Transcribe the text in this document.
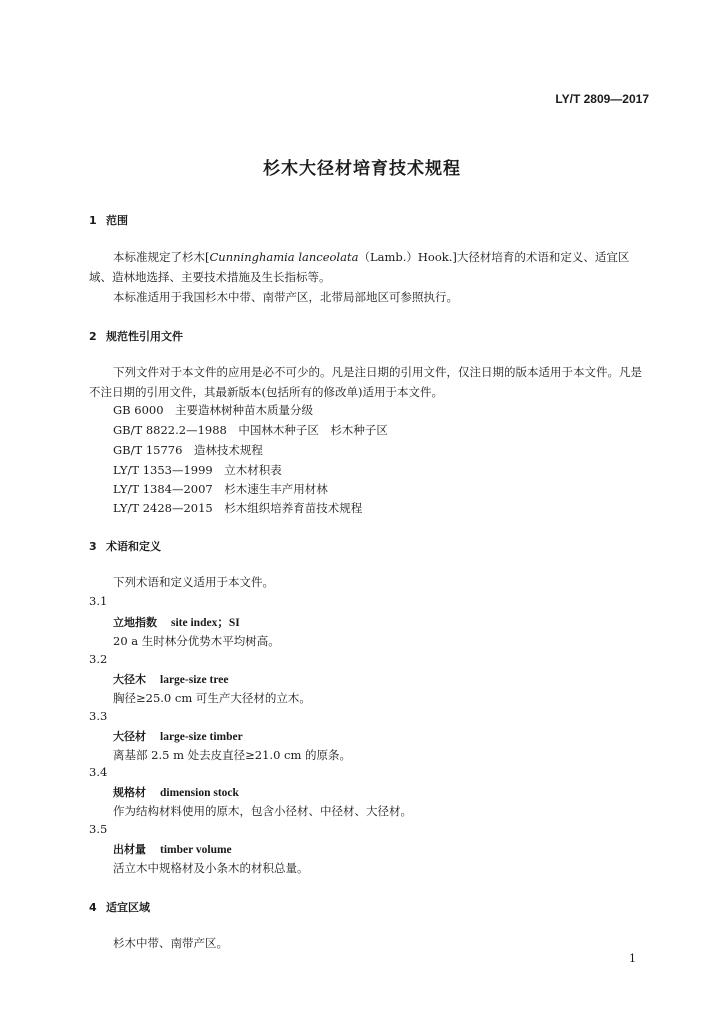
LY/T 2809—2017
杉木大径材培育技术规程
1 范围

本标准规定了杉木[Cunninghamia lanceolata（Lamb.）Hook.]大径材培育的术语和定义、适宜区域、造林地选择、主要技术措施及生长指标等。

本标准适用于我国杉木中带、南带产区，北带局部地区可参照执行。

2 规范性引用文件

下列文件对于本文件的应用是必不可少的。凡是注日期的引用文件，仅注日期的版本适用于本文件。凡是不注日期的引用文件，其最新版本(包括所有的修改单)适用于本文件。

GB 6000　主要造林树种苗木质量分级
GB/T 8822.2—1988　中国林木种子区　杉木种子区
GB/T 15776　造林技术规程
LY/T 1353—1999　立木材积表
LY/T 1384—2007　杉木速生丰产用材林
LY/T 2428—2015　杉木组织培养育苗技术规程
3 术语和定义
下列术语和定义适用于本文件。
3.1
立地指数 site index；SI
20 a 生时林分优势木平均树高。
3.2
大径木 large-size tree
胸径≥25.0 cm 可生产大径材的立木。
3.3
大径材 large-size timber
离基部 2.5 m 处去皮直径≥21.0 cm 的原条。
3.4
规格材 dimension stock
作为结构材料使用的原木，包含小径材、中径材、大径材。
3.5
出材量 timber volume
活立木中规格材及小条木的材积总量。
4 适宜区域
杉木中带、南带产区。
1
